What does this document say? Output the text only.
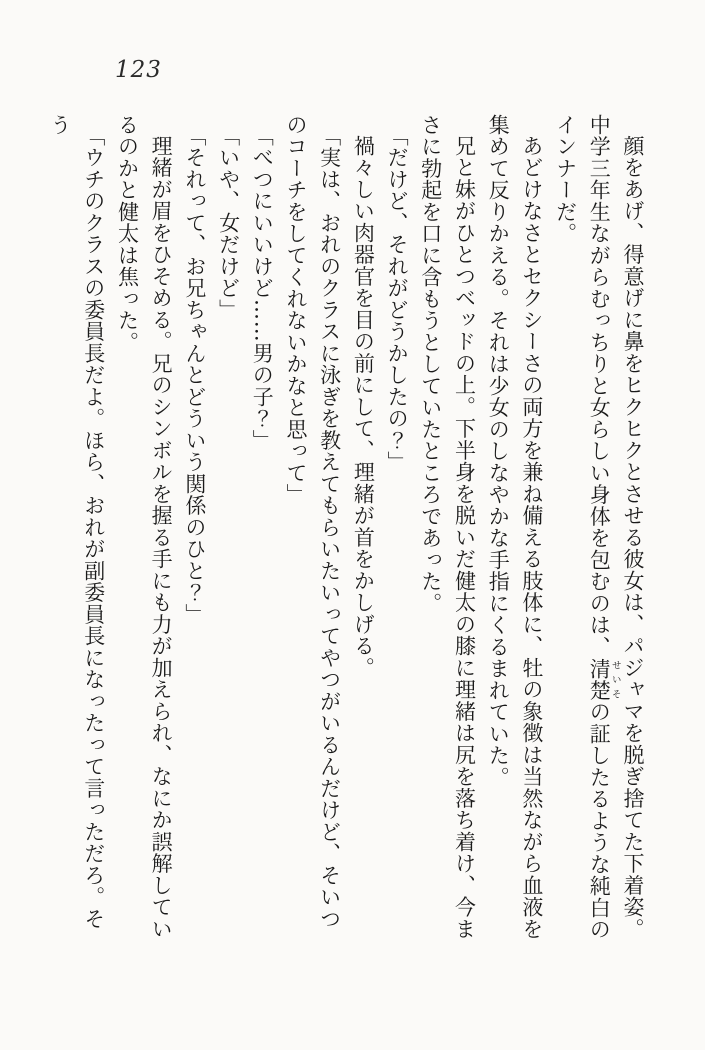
123

顔をあげ、得意げに鼻をヒクヒクとさせる彼女は、パジャマを脱ぎ捨てた下着姿。中学三年生ながらむっちりと女らしい身体を包むのは、清楚せいその証したるような純白のインナーだ。

あどけなさとセクシーさの両方を兼ね備える肢体に、牡の象徴は当然ながら血液を集めて反りかえる。それは少女のしなやかな手指にくるまれていた。

兄と妹がひとつベッドの上。下半身を脱いだ健太の膝に理緒は尻を落ち着け、今まさに勃起を口に含もうとしていたところであった。

「だけど、それがどうかしたの？」

禍々しい肉器官を目の前にして、理緒が首をかしげる。

「実は、おれのクラスに泳ぎを教えてもらいたいってやつがいるんだけど、そいつのコーチをしてくれないかなと思って」

「べつにいいけど……男の子？」

「いや、女だけど」

「それって、お兄ちゃんとどういう関係のひと？」

理緒が眉をひそめる。兄のシンボルを握る手にも力が加えられ、なにか誤解しているのかと健太は焦った。

「ウチのクラスの委員長だよ。ほら、おれが副委員長になったって言っただろ。そう
